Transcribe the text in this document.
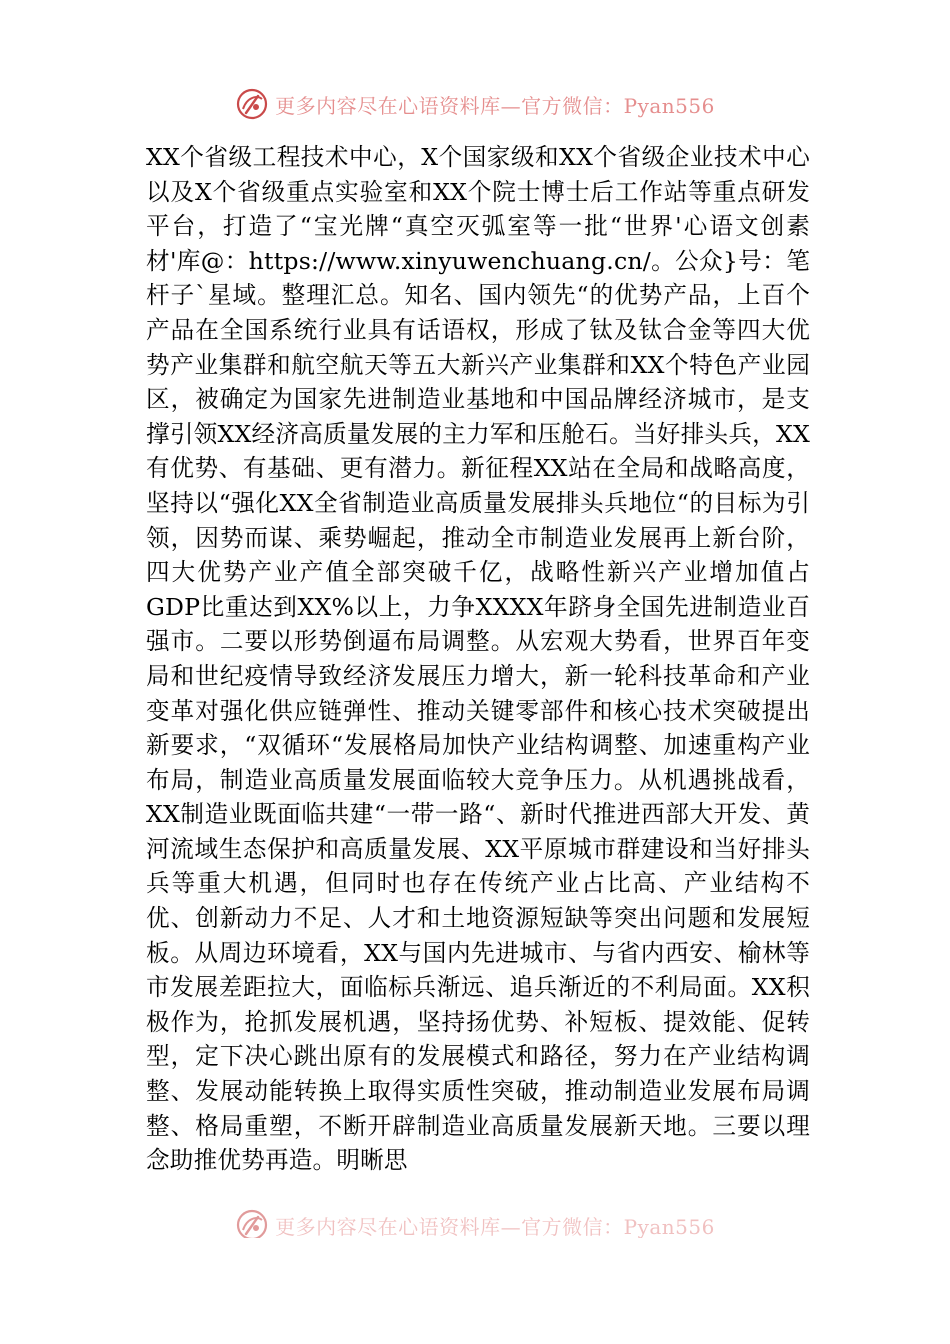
更多内容尽在心语资料库—官方微信：Pyan556

XX个省级工程技术中心，X个国家级和XX个省级企业技术中心以及X个省级重点实验室和XX个院士博士后工作站等重点研发平台，打造了“宝光牌“真空灭弧室等一批“世界'心语文创素材'库@：https://www.xinyuwenchuang.cn/。公众}号：笔杆子`星域。整理汇总。知名、国内领先“的优势产品，上百个产品在全国系统行业具有话语权，形成了钛及钛合金等四大优势产业集群和航空航天等五大新兴产业集群和XX个特色产业园区，被确定为国家先进制造业基地和中国品牌经济城市，是支撑引领XX经济高质量发展的主力军和压舱石。当好排头兵，XX有优势、有基础、更有潜力。新征程XX站在全局和战略高度，坚持以“强化XX全省制造业高质量发展排头兵地位“的目标为引领，因势而谋、乘势崛起，推动全市制造业发展再上新台阶，四大优势产业产值全部突破千亿，战略性新兴产业增加值占GDP比重达到XX%以上，力争XXXX年跻身全国先进制造业百强市。二要以形势倒逼布局调整。从宏观大势看，世界百年变局和世纪疫情导致经济发展压力增大，新一轮科技革命和产业变革对强化供应链弹性、推动关键零部件和核心技术突破提出新要求，“双循环“发展格局加快产业结构调整、加速重构产业布局，制造业高质量发展面临较大竞争压力。从机遇挑战看，XX制造业既面临共建“一带一路“、新时代推进西部大开发、黄河流域生态保护和高质量发展、XX平原城市群建设和当好排头兵等重大机遇，但同时也存在传统产业占比高、产业结构不优、创新动力不足、人才和土地资源短缺等突出问题和发展短板。从周边环境看，XX与国内先进城市、与省内西安、榆林等市发展差距拉大，面临标兵渐远、追兵渐近的不利局面。XX积极作为，抢抓发展机遇，坚持扬优势、补短板、提效能、促转型，定下决心跳出原有的发展模式和路径，努力在产业结构调整、发展动能转换上取得实质性突破，推动制造业发展布局调整、格局重塑，不断开辟制造业高质量发展新天地。三要以理念助推优势再造。明晰思

更多内容尽在心语资料库—官方微信：Pyan556
